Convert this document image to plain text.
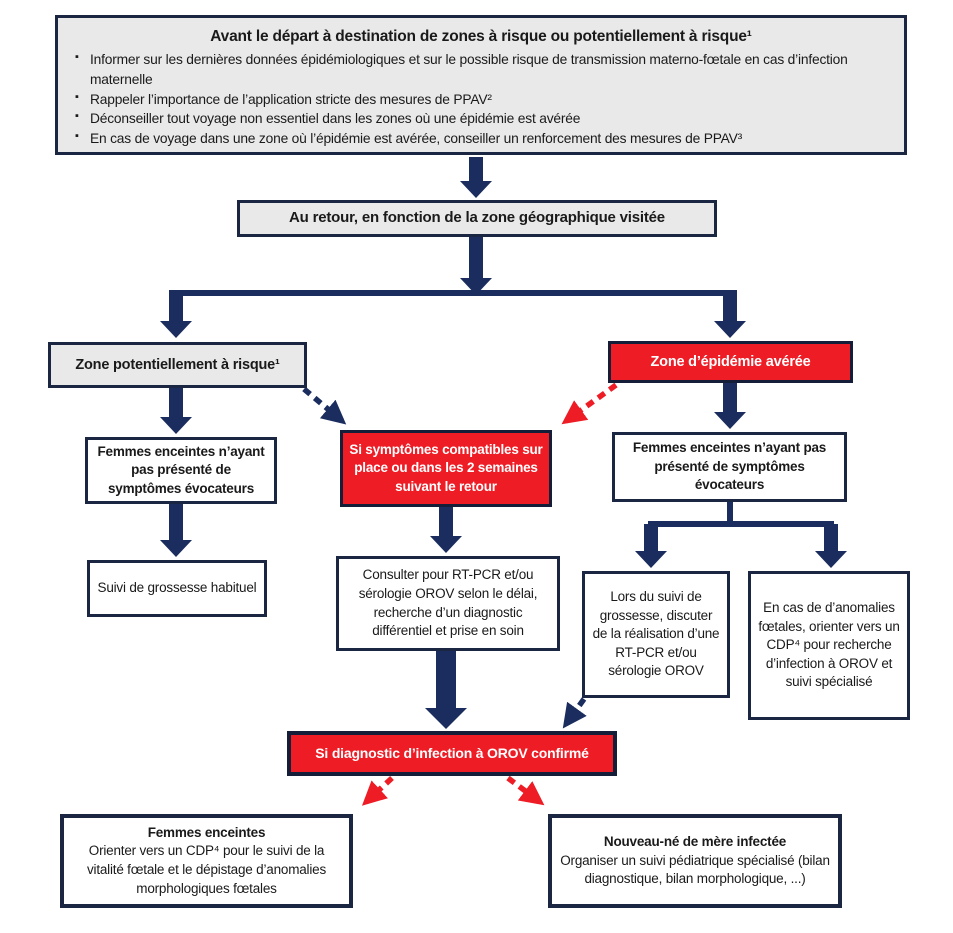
Avant le départ à destination de zones à risque ou potentiellement à risque¹
▪ Informer sur les dernières données épidémiologiques et sur le possible risque de transmission materno-fœtale en cas d’infection maternelle
▪ Rappeler l’importance de l’application stricte des mesures de PPAV²
▪ Déconseiller tout voyage non essentiel dans les zones où une épidémie est avérée
▪ En cas de voyage dans une zone où l’épidémie est avérée, conseiller un renforcement des mesures de PPAV³
Au retour, en fonction de la zone géographique visitée
Zone potentiellement à risque¹	Zone d’épidémie avérée
Femmes enceintes n’ayant pas présenté de symptômes évocateurs
Si symptômes compatibles sur place ou dans les 2 semaines suivant le retour
Femmes enceintes n’ayant pas présenté de symptômes évocateurs
Suivi de grossesse habituel
Consulter pour RT-PCR et/ou sérologie OROV selon le délai, recherche d’un diagnostic différentiel et prise en soin
Lors du suivi de grossesse, discuter de la réalisation d’une RT-PCR et/ou sérologie OROV
En cas de d’anomalies fœtales, orienter vers un CDP⁴ pour recherche d’infection à OROV et suivi spécialisé
Si diagnostic d’infection à OROV confirmé
Femmes enceintes
Orienter vers un CDP⁴ pour le suivi de la vitalité fœtale et le dépistage d’anomalies morphologiques fœtales
Nouveau-né de mère infectée
Organiser un suivi pédiatrique spécialisé (bilan diagnostique, bilan morphologique, ...)
